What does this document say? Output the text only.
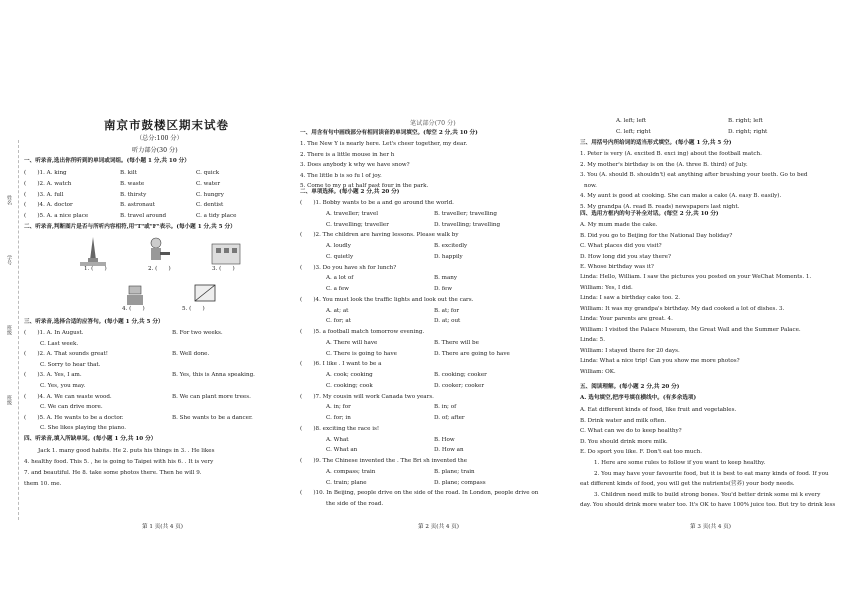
姓名
学号
班级
班级
南京市鼓楼区期末试卷
（总分:100 分）
听力部分(30 分)
一、听录音,选出你所听到的单词或词组。(每小题 1 分,共 10 分）
(　　)1. A. king	B. kilt	C. quick
(　　)2. A. watch	B. waste	C. water
(　　)3. A. full	B. thirsty	C. hungry
(　　)4. A. doctor	B. astronaut	C. dentist
(　　)5. A. a nice place	B. travel around	C. a tidy place
二、听录音,判断图片是否与所听内容相符,用"T"或"F"表示。(每小题 1 分,共 5 分）
1. (　　)	2. (　　)	3. (　　)
4. (　　)	5. (　　)
三、听录音,选择合适的应答句。(每小题 1 分,共 5 分）
(　　)1. A. In August.	B. For two weeks.
C. Last week.
(　　)2. A. That sounds great!	B. Well done.
C. Sorry to hear that.
(　　)3. A. Yes, I am.	B. Yes, this is Anna speaking.
C. Yes, you may.
(　　)4. A. We can waste wood.	B. We can plant more trees.
C. We can drive more.
(　　)5. A. He wants to be a doctor.	B. She wants to be a dancer.
C. She likes playing the piano.
四、听录音,填入所缺单词。(每小题 1 分,共 10 分）
Jack 1. many good habits. He 2. puts his things in 3. . He likes
4. healthy food. This 5. , he is going to Taipei with his 6. . It is very
7. and beautiful. He 8. take some photos there. Then he will 9.
them 10. me.
第 1 页(共 4 页)
笔试部分(70 分)
一、用含有句中画线部分有相同读音的单词填空。(每空 2 分,共 10 分)
1. The New Y is nearly here. Let's cheer together, my dear.
2. There is a little mouse in her h
3. Does anybody k why we have snow?
4. The little b is so fu l of joy.
5. Come to my p at half past four in the park.
二、单项选择。(每小题 2 分,共 20 分)
(　　)1. Bobby wants to be a and go around the world.
A. traveller; travel	B. traveller; travelling
C. travelling; traveller	D. travelling; travelling
(　　)2. The children are having lessons. Please walk by
A. loudly	B. excitedly
C. quietly	D. happily
(　　)3. Do you have sh for lunch?
A. a lot of	B. many
C. a few	D. few
(　　)4. You must look the traffic lights and look out the cars.
A. at; at	B. at; for
C. for; at	D. at; out
(　　)5. a football match tomorrow evening.
A. There will have	B. There will be
C. There is going to have	D. There are going to have
(　　)6. I like . I want to be a
A. cook; cooking	B. cooking; cooker
C. cooking; cook	D. cooker; cooker
(　　)7. My cousin will work Canada two years.
A. in; for	B. in; of
C. for; in	D. of; after
(　　)8. exciting the race is!
A. What	B. How
C. What an	D. How an
(　　)9. The Chinese invented the . The Bri sh invented the
A. compass; train	B. plane; train
C. train; plane	D. plane; compass
(　　)10. In Beijing, people drive on the side of the road. In London, people drive on
the side of the road.
第 2 页(共 4 页)
A. left; left	B. right; left
C. left; right	D. right; right
三、用括号内所给词的适当形式填空。(每小题 1 分,共 5 分)
1. Peter is very (A. excited B. exci ing) about the football match.
2. My mother's birthday is on the (A. three B. third) of July.
3. You (A. should B. shouldn't) eat anything after brushing your teeth. Go to bed
now.
4. My aunt is good at cooking. She can make a cake (A. easy B. easily).
5. My grandpa (A. read B. reads) newspapers last night.
四、选用方框内的句子补全对话。(每空 2 分,共 10 分)
A. My mum made the cake.
B. Did you go to Beijing for the National Day holiday?
C. What places did you visit?
D. How long did you stay there?
E. Whose birthday was it?
Linda: Hello, William. I saw the pictures you posted on your WeChat Moments. 1.
William: Yes, I did.
Linda: I saw a birthday cake too. 2.
William: It was my grandpa's birthday. My dad cooked a lot of dishes. 3.
Linda: Your parents are great. 4.
William: I visited the Palace Museum, the Great Wall and the Summer Palace.
Linda: 5.
William: I stayed there for 20 days.
Linda: What a nice trip! Can you show me more photos?
William: OK.
五、阅读理解。(每小题 2 分,共 20 分)
A. 选句填空,把序号填在横线中。(有多余选项)
A. Eat different kinds of food, like fruit and vegetables.
B. Drink water and milk often.
C. What can we do to keep healthy?
D. You should drink more milk.
E. Do sport you like. F. Don't eat too much.
1. Here are some rules to follow if you want to keep healthy.
2. You may have your favourite food, but it is best to eat many kinds of food. If you
eat different kinds of food, you will get the nutrients(营养) your body needs.
3. Children need milk to build strong bones. You'd better drink some mi k every
day. You should drink more water too. It's OK to have 100% juice too. But try to drink less
第 3 页(共 4 页)
